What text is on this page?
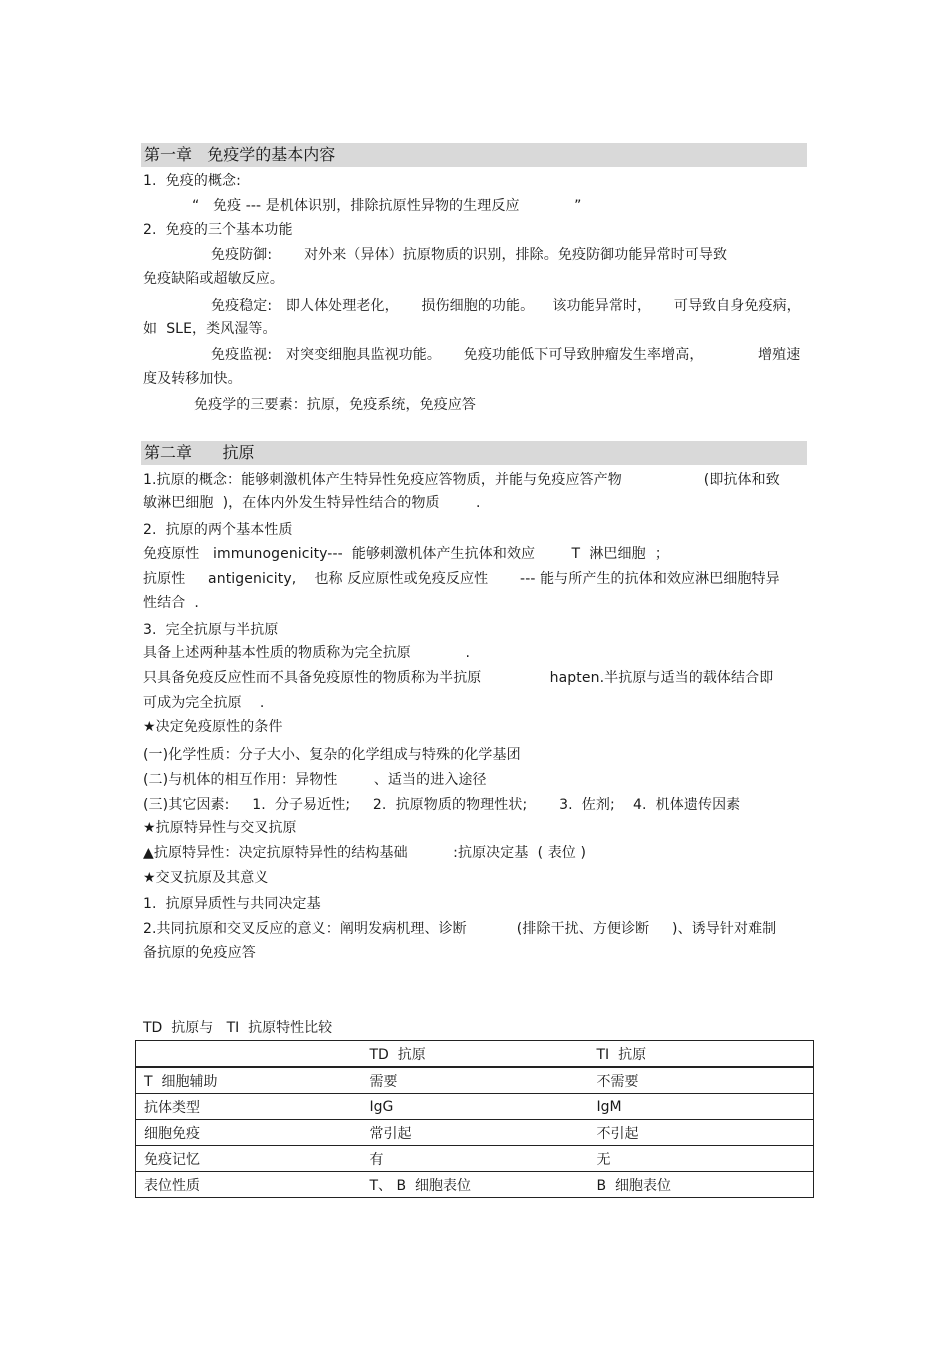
第一章   免疫学的基本内容
1.  免疫的概念:
“   免疫 --- 是机体识别，排除抗原性异物的生理反应            ”
2.  免疫的三个基本功能
免疫防御:       对外来（异体）抗原物质的识别，排除。免疫防御功能异常时可导致
免疫缺陷或超敏反应。
免疫稳定:   即人体处理老化，     损伤细胞的功能。    该功能异常时，     可导致自身免疫病，
如  SLE，类风湿等。
免疫监视:   对突变细胞具监视功能。     免疫功能低下可导致肿瘤发生率增高，            增殖速
度及转移加快。
免疫学的三要素：抗原，免疫系统，免疫应答
第二章      抗原
1.抗原的概念：能够刺激机体产生特异性免疫应答物质，并能与免疫应答产物                  (即抗体和致
敏淋巴细胞  )，在体内外发生特异性结合的物质        .
2.  抗原的两个基本性质
免疫原性   immunogenicity---  能够刺激机体产生抗体和效应        T  淋巴细胞  ；
抗原性     antigenicity,    也称 反应原性或免疫反应性       --- 能与所产生的抗体和效应淋巴细胞特异
性结合  .
3.  完全抗原与半抗原
具备上述两种基本性质的物质称为完全抗原            .
只具备免疫反应性而不具备免疫原性的物质称为半抗原               hapten.半抗原与适当的载体结合即
可成为完全抗原    .
★决定免疫原性的条件
(一)化学性质：分子大小、复杂的化学组成与特殊的化学基团
(二)与机体的相互作用：异物性        、适当的进入途径
(三)其它因素:     1.  分子易近性;     2.  抗原物质的物理性状;       3.  佐剂;    4.  机体遗传因素
★抗原特异性与交叉抗原
▲抗原特异性：决定抗原特异性的结构基础          :抗原决定基  ( 表位 )
★交叉抗原及其意义
1.  抗原异质性与共同决定基
2.共同抗原和交叉反应的意义：阐明发病机理、诊断           (排除干扰、方便诊断     )、诱导针对难制
备抗原的免疫应答
TD  抗原与   TI  抗原特性比较
	TD  抗原	TI  抗原
T  细胞辅助	需要	不需要
抗体类型	IgG	IgM
细胞免疫	常引起	不引起
免疫记忆	有	无
表位性质	T、 B  细胞表位	B  细胞表位
